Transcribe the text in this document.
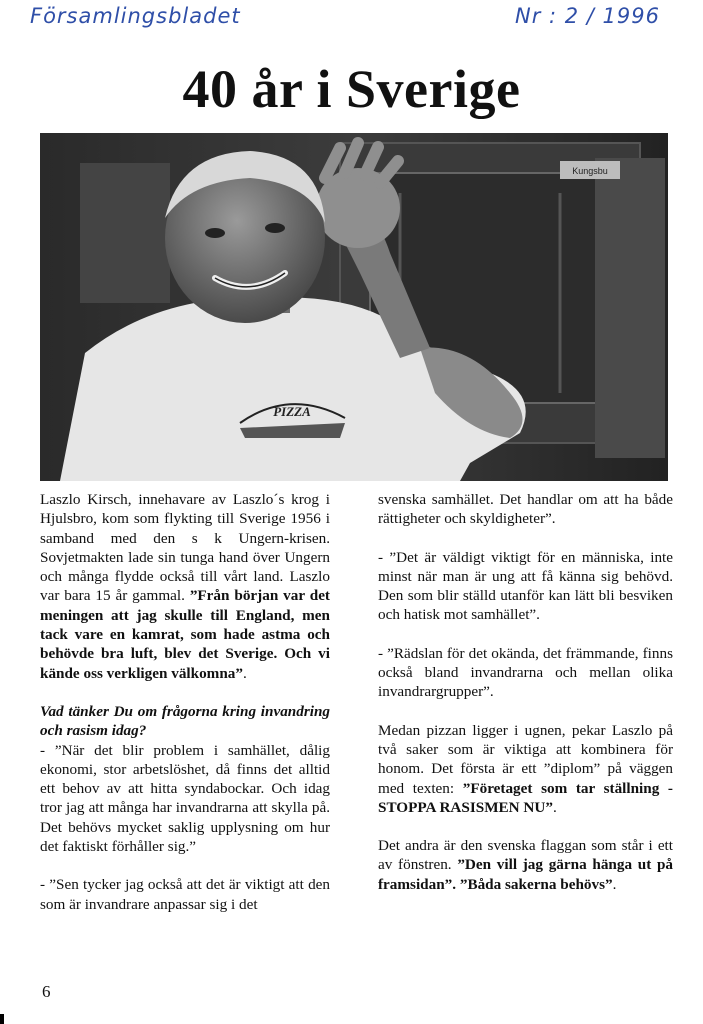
Församlingsbladet	Nr : 2 / 1996
40 år i Sverige
Kungsbu
PIZZA

Laszlo Kirsch, innehavare av Laszlo´s krog i Hjulsbro, kom som flykting till Sverige 1956 i samband med den s k Ungern-krisen. Sovjetmakten lade sin tunga hand över Ungern och många flydde också till vårt land. Laszlo var bara 15 år gammal. ”Från början var det meningen att jag skulle till England, men tack vare en kamrat, som hade astma och behövde bra luft, blev det Sverige. Och vi kände oss verkligen välkomna”.

Vad tänker Du om frågorna kring invandring och rasism idag?

- ”När det blir problem i samhället, dålig ekonomi, stor arbetslöshet, då finns det alltid ett behov av att hitta syndabockar. Och idag tror jag att många har invandrarna att skylla på. Det behövs mycket saklig upplysning om hur det faktiskt förhåller sig.”

- ”Sen tycker jag också att det är viktigt att den som är invandrare anpassar sig i det

svenska samhället. Det handlar om att ha både rättigheter och skyldigheter”.

- ”Det är väldigt viktigt för en människa, inte minst när man är ung att få känna sig behövd. Den som blir ställd utanför kan lätt bli besviken och hatisk mot samhället”.

- ”Rädslan för det okända, det främmande, finns också bland invandrarna och mellan olika invandrargrupper”.

Medan pizzan ligger i ugnen, pekar Laszlo på två saker som är viktiga att kombinera för honom. Det första är ett ”diplom” på väggen med texten: ”Företaget som tar ställning - STOPPA RASISMEN NU”.

Det andra är den svenska flaggan som står i ett av fönstren. ”Den vill jag gärna hänga ut på framsidan”. ”Båda sakerna behövs”.

6
